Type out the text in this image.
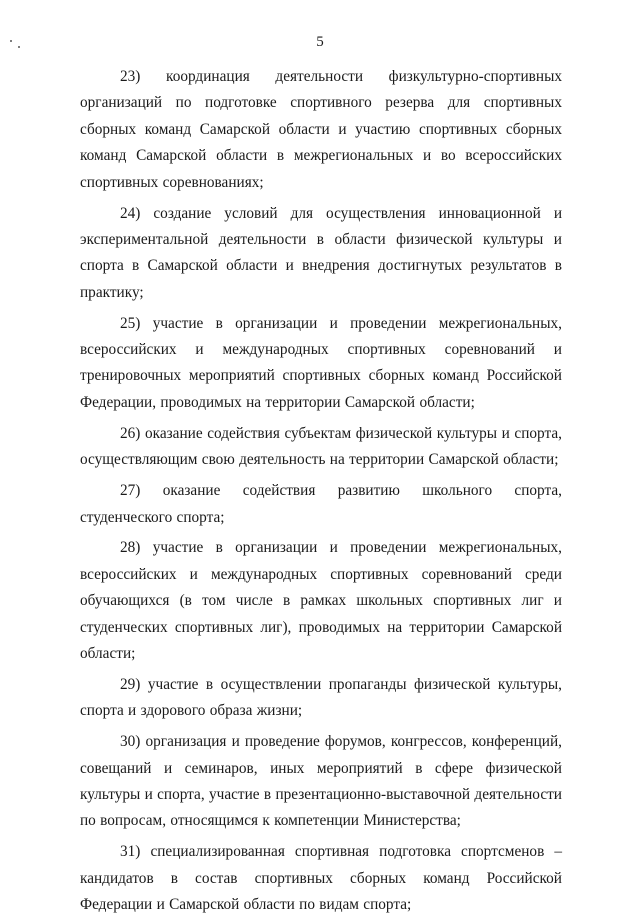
5

23) координация деятельности физкультурно-спортивных организаций по подготовке спортивного резерва для спортивных сборных команд Самарской области и участию спортивных сборных команд Самарской области в межрегиональных и во всероссийских спортивных соревнованиях;

24) создание условий для осуществления инновационной и экспериментальной деятельности в области физической культуры и спорта в Самарской области и внедрения достигнутых результатов в практику;

25) участие в организации и проведении межрегиональных, всероссийских и международных спортивных соревнований и тренировочных мероприятий спортивных сборных команд Российской Федерации, проводимых на территории Самарской области;

26) оказание содействия субъектам физической культуры и спорта, осуществляющим свою деятельность на территории Самарской области;

27) оказание содействия развитию школьного спорта, студенческого спорта;

28) участие в организации и проведении межрегиональных, всероссийских и международных спортивных соревнований среди обучающихся (в том числе в рамках школьных спортивных лиг и студенческих спортивных лиг), проводимых на территории Самарской области;

29) участие в осуществлении пропаганды физической культуры, спорта и здорового образа жизни;

30) организация и проведение форумов, конгрессов, конференций, совещаний и семинаров, иных мероприятий в сфере физической культуры и спорта, участие в презентационно-выставочной деятельности по вопросам, относящимся к компетенции Министерства;

31) специализированная спортивная подготовка спортсменов – кандидатов в состав спортивных сборных команд Российской Федерации и Самарской области по видам спорта;
